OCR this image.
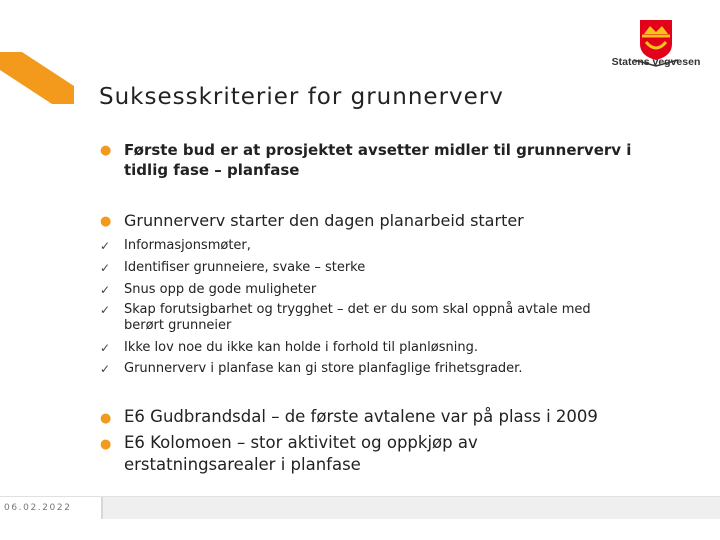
Statens vegvesen
Suksesskriterier for grunnerverv
● Første bud er at prosjektet avsetter midler til grunnerverv i tidlig fase – planfase
● Grunnerverv starter den dagen planarbeid starter
✓ Informasjonsmøter,
✓ Identifiser grunneiere, svake – sterke
✓ Snus opp de gode muligheter
✓ Skap forutsigbarhet og trygghet – det er du som skal oppnå avtale med berørt grunneier
✓ Ikke lov noe du ikke kan holde i forhold til planløsning.
✓ Grunnerverv i planfase kan gi store planfaglige frihetsgrader.
● E6 Gudbrandsdal – de første avtalene var på plass i 2009
● E6 Kolomoen – stor aktivitet og oppkjøp av erstatningsarealer i planfase
06.02.2022
